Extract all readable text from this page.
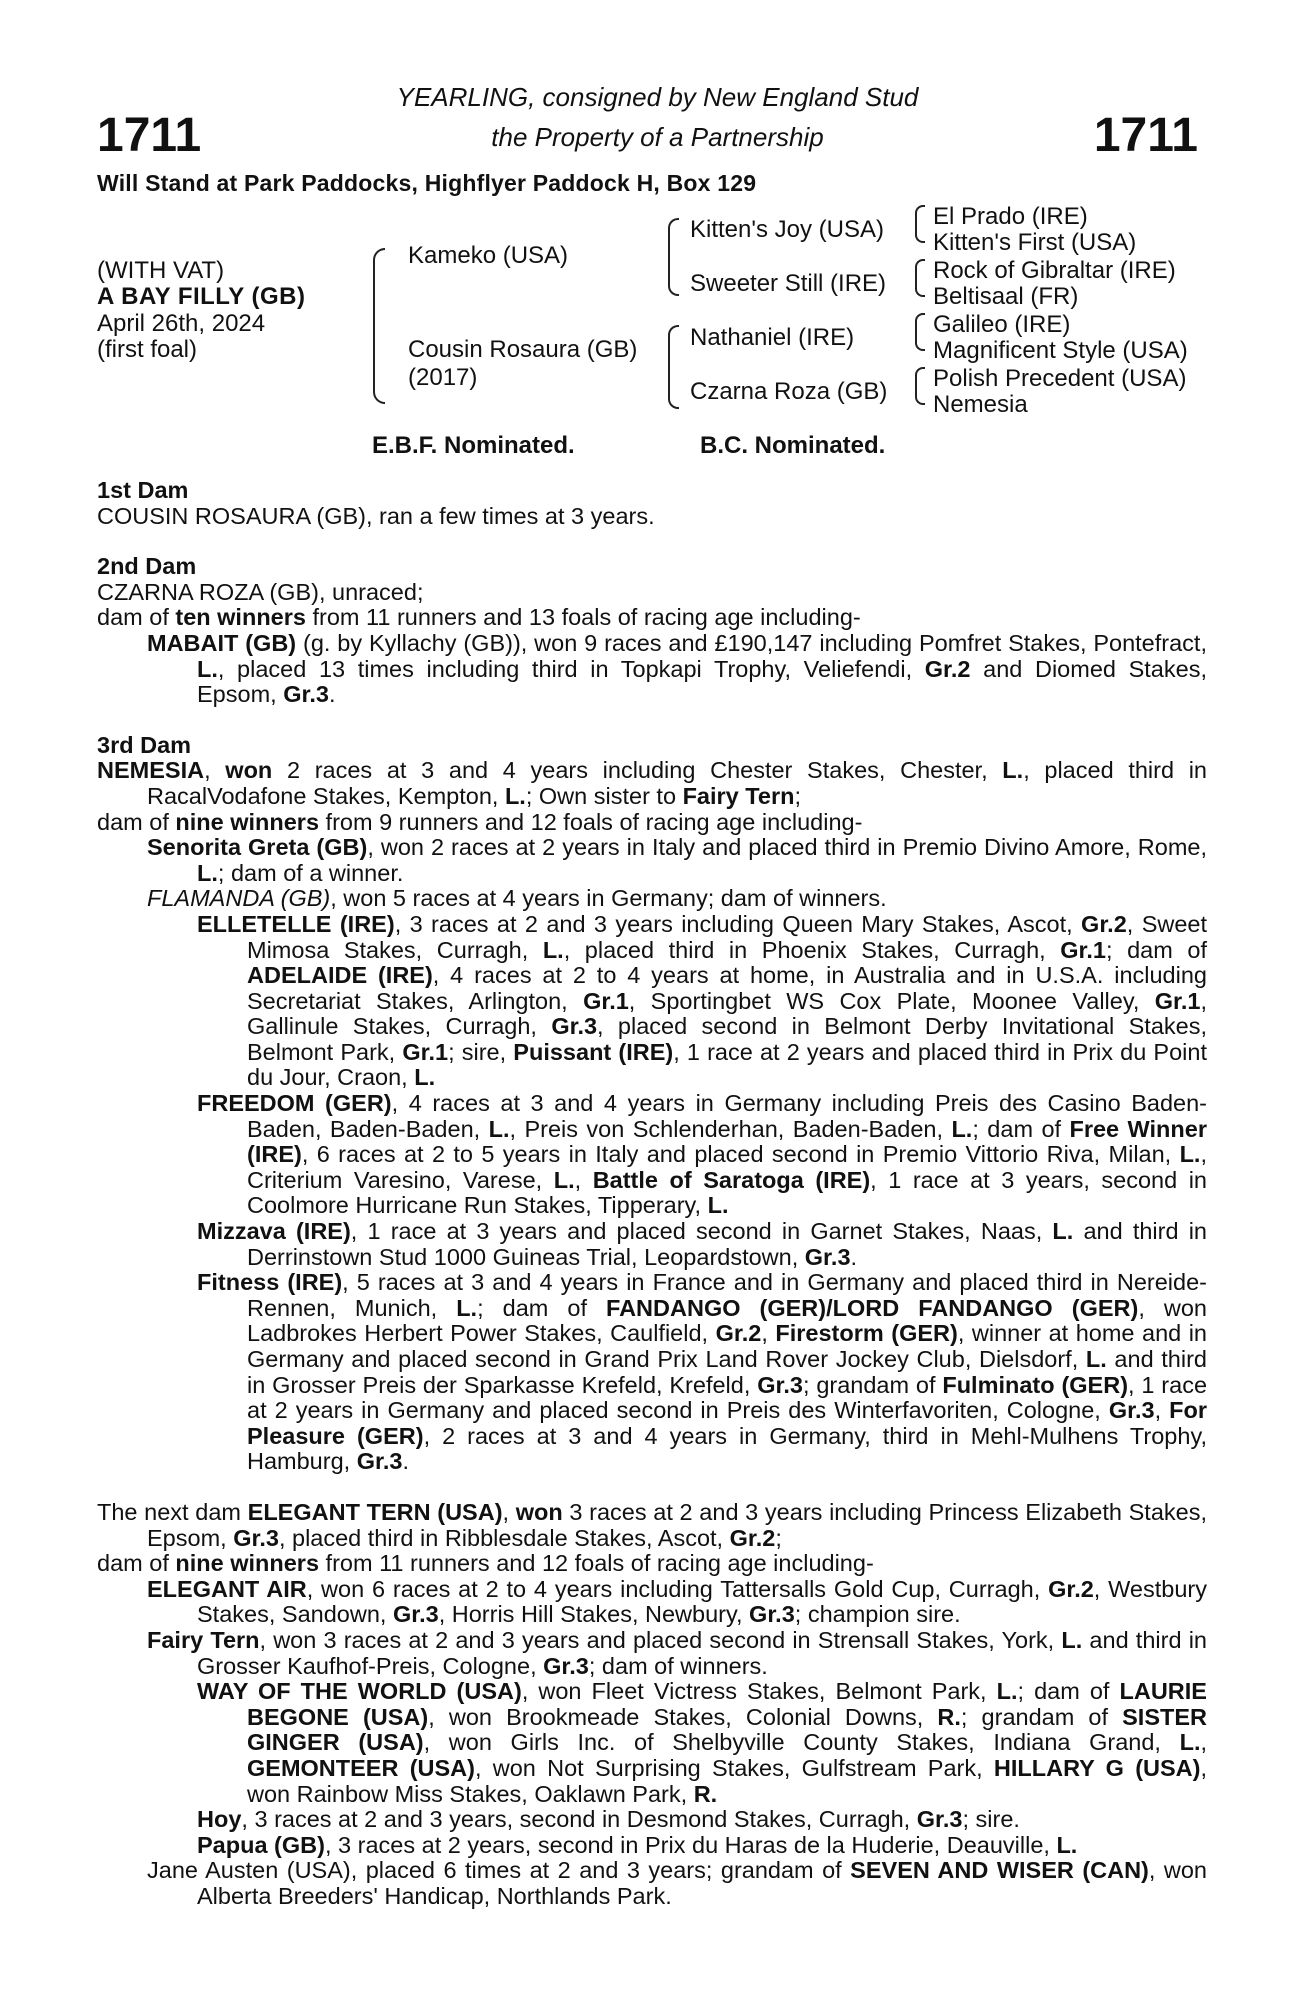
1711	1711
YEARLING, consigned by New England Stud
the Property of a Partnership
Will Stand at Park Paddocks, Highflyer Paddock H, Box 129
(WITH VAT)
A BAY FILLY (GB)
April 26th, 2024
(first foal)
Kameko (USA)
Cousin Rosaura (GB)
(2017)
Kitten's Joy (USA)
Sweeter Still (IRE)
Nathaniel (IRE)
Czarna Roza (GB)
El Prado (IRE)
Kitten's First (USA)
Rock of Gibraltar (IRE)
Beltisaal (FR)
Galileo (IRE)
Magnificent Style (USA)
Polish Precedent (USA)
Nemesia
E.B.F. Nominated.	B.C. Nominated.

1st Dam

COUSIN ROSAURA (GB), ran a few times at 3 years.

2nd Dam

CZARNA ROZA (GB), unraced;

dam of ten winners from 11 runners and 13 foals of racing age including-

MABAIT (GB) (g. by Kyllachy (GB)), won 9 races and £190,147 including Pomfret Stakes, Pontefract, L., placed 13 times including third in Topkapi Trophy, Veliefendi, Gr.2 and Diomed Stakes, Epsom, Gr.3.

3rd Dam

NEMESIA, won 2 races at 3 and 4 years including Chester Stakes, Chester, L., placed third in RacalVodafone Stakes, Kempton, L.; Own sister to Fairy Tern;

dam of nine winners from 9 runners and 12 foals of racing age including-

Senorita Greta (GB), won 2 races at 2 years in Italy and placed third in Premio Divino Amore, Rome, L.; dam of a winner.

FLAMANDA (GB), won 5 races at 4 years in Germany; dam of winners.

ELLETELLE (IRE), 3 races at 2 and 3 years including Queen Mary Stakes, Ascot, Gr.2, Sweet Mimosa Stakes, Curragh, L., placed third in Phoenix Stakes, Curragh, Gr.1; dam of ADELAIDE (IRE), 4 races at 2 to 4 years at home, in Australia and in U.S.A. including Secretariat Stakes, Arlington, Gr.1, Sportingbet WS Cox Plate, Moonee Valley, Gr.1, Gallinule Stakes, Curragh, Gr.3, placed second in Belmont Derby Invitational Stakes, Belmont Park, Gr.1; sire, Puissant (IRE), 1 race at 2 years and placed third in Prix du Point du Jour, Craon, L.

FREEDOM (GER), 4 races at 3 and 4 years in Germany including Preis des Casino Baden-Baden, Baden-Baden, L., Preis von Schlenderhan, Baden-Baden, L.; dam of Free Winner (IRE), 6 races at 2 to 5 years in Italy and placed second in Premio Vittorio Riva, Milan, L., Criterium Varesino, Varese, L., Battle of Saratoga (IRE), 1 race at 3 years, second in Coolmore Hurricane Run Stakes, Tipperary, L.

Mizzava (IRE), 1 race at 3 years and placed second in Garnet Stakes, Naas, L. and third in Derrinstown Stud 1000 Guineas Trial, Leopardstown, Gr.3.

Fitness (IRE), 5 races at 3 and 4 years in France and in Germany and placed third in Nereide-Rennen, Munich, L.; dam of FANDANGO (GER)/LORD FANDANGO (GER), won Ladbrokes Herbert Power Stakes, Caulfield, Gr.2, Firestorm (GER), winner at home and in Germany and placed second in Grand Prix Land Rover Jockey Club, Dielsdorf, L. and third in Grosser Preis der Sparkasse Krefeld, Krefeld, Gr.3; grandam of Fulminato (GER), 1 race at 2 years in Germany and placed second in Preis des Winterfavoriten, Cologne, Gr.3, For Pleasure (GER), 2 races at 3 and 4 years in Germany, third in Mehl-Mulhens Trophy, Hamburg, Gr.3.

The next dam ELEGANT TERN (USA), won 3 races at 2 and 3 years including Princess Elizabeth Stakes, Epsom, Gr.3, placed third in Ribblesdale Stakes, Ascot, Gr.2;

dam of nine winners from 11 runners and 12 foals of racing age including-

ELEGANT AIR, won 6 races at 2 to 4 years including Tattersalls Gold Cup, Curragh, Gr.2, Westbury Stakes, Sandown, Gr.3, Horris Hill Stakes, Newbury, Gr.3; champion sire.

Fairy Tern, won 3 races at 2 and 3 years and placed second in Strensall Stakes, York, L. and third in Grosser Kaufhof-Preis, Cologne, Gr.3; dam of winners.

WAY OF THE WORLD (USA), won Fleet Victress Stakes, Belmont Park, L.; dam of LAURIE BEGONE (USA), won Brookmeade Stakes, Colonial Downs, R.; grandam of SISTER GINGER (USA), won Girls Inc. of Shelbyville County Stakes, Indiana Grand, L., GEMONTEER (USA), won Not Surprising Stakes, Gulfstream Park, HILLARY G (USA), won Rainbow Miss Stakes, Oaklawn Park, R.

Hoy, 3 races at 2 and 3 years, second in Desmond Stakes, Curragh, Gr.3; sire.

Papua (GB), 3 races at 2 years, second in Prix du Haras de la Huderie, Deauville, L.

Jane Austen (USA), placed 6 times at 2 and 3 years; grandam of SEVEN AND WISER (CAN), won Alberta Breeders' Handicap, Northlands Park.
